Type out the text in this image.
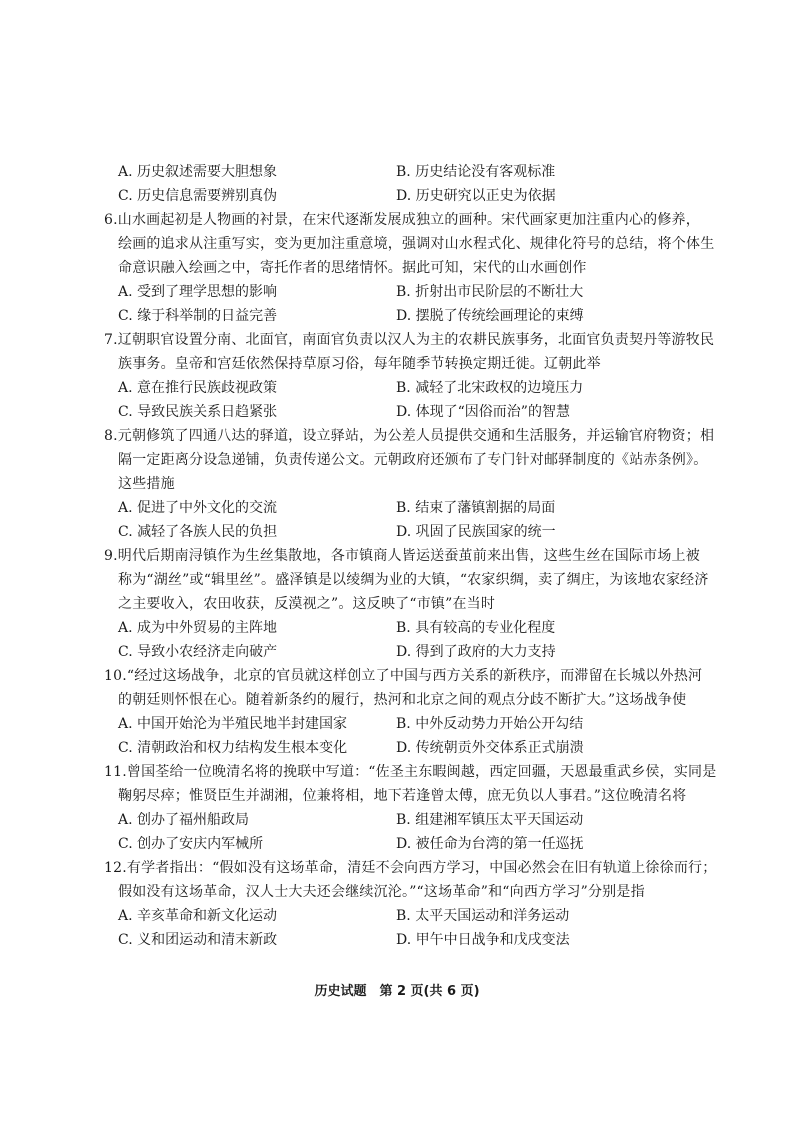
A. 历史叙述需要大胆想象	B. 历史结论没有客观标准
C. 历史信息需要辨别真伪	D. 历史研究以正史为依据
6.山水画起初是人物画的衬景，在宋代逐渐发展成独立的画种。宋代画家更加注重内心的修养，
绘画的追求从注重写实，变为更加注重意境，强调对山水程式化、规律化符号的总结，将个体生
命意识融入绘画之中，寄托作者的思绪情怀。据此可知，宋代的山水画创作
A. 受到了理学思想的影响	B. 折射出市民阶层的不断壮大
C. 缘于科举制的日益完善	D. 摆脱了传统绘画理论的束缚
7.辽朝职官设置分南、北面官，南面官负责以汉人为主的农耕民族事务，北面官负责契丹等游牧民
族事务。皇帝和宫廷依然保持草原习俗，每年随季节转换定期迁徙。辽朝此举
A. 意在推行民族歧视政策	B. 减轻了北宋政权的边境压力
C. 导致民族关系日趋紧张	D. 体现了“因俗而治”的智慧
8.元朝修筑了四通八达的驿道，设立驿站，为公差人员提供交通和生活服务，并运输官府物资；相
隔一定距离分设急递铺，负责传递公文。元朝政府还颁布了专门针对邮驿制度的《站赤条例》。
这些措施
A. 促进了中外文化的交流	B. 结束了藩镇割据的局面
C. 减轻了各族人民的负担	D. 巩固了民族国家的统一
9.明代后期南浔镇作为生丝集散地，各市镇商人皆运送蚕茧前来出售，这些生丝在国际市场上被
称为“湖丝”或“辑里丝”。盛泽镇是以绫绸为业的大镇，“农家织绸，卖了绸庄，为该地农家经济
之主要收入，农田收获，反漠视之”。这反映了“市镇”在当时
A. 成为中外贸易的主阵地	B. 具有较高的专业化程度
C. 导致小农经济走向破产	D. 得到了政府的大力支持
10.“经过这场战争，北京的官员就这样创立了中国与西方关系的新秩序，而滞留在长城以外热河
的朝廷则怀恨在心。随着新条约的履行，热河和北京之间的观点分歧不断扩大。”这场战争使
A. 中国开始沦为半殖民地半封建国家	B. 中外反动势力开始公开勾结
C. 清朝政治和权力结构发生根本变化	D. 传统朝贡外交体系正式崩溃
11.曾国荃给一位晚清名将的挽联中写道：“佐圣主东暇闽越，西定回疆，天恩最重武乡侯，实同是
鞠躬尽瘁；惟贤臣生并湖湘，位兼将相，地下若逢曾太傅，庶无负以人事君。”这位晚清名将
A. 创办了福州船政局	B. 组建湘军镇压太平天国运动
C. 创办了安庆内军械所	D. 被任命为台湾的第一任巡抚
12.有学者指出：“假如没有这场革命，清廷不会向西方学习，中国必然会在旧有轨道上徐徐而行；
假如没有这场革命，汉人士大夫还会继续沉沦。”“这场革命”和“向西方学习”分别是指
A. 辛亥革命和新文化运动	B. 太平天国运动和洋务运动
C. 义和团运动和清末新政	D. 甲午中日战争和戊戌变法
历史试题　第 2 页(共 6 页)
